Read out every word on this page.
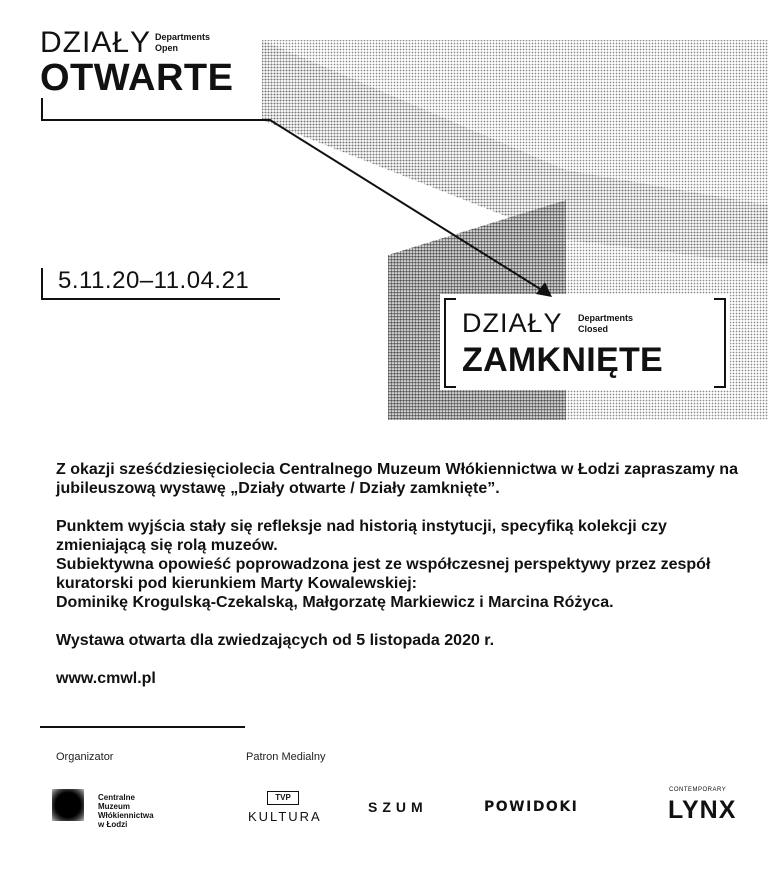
DZIAŁY Departments
Open
OTWARTE
5.11.20–11.04.21
DZIAŁY Departments
Closed
ZAMKNIĘTE

Z okazji sześćdziesięciolecia Centralnego Muzeum Włókiennictwa w Łodzi zapraszamy na jubileuszową wystawę „Działy otwarte / Działy zamknięte”.

Punktem wyjścia stały się refleksje nad historią instytucji, specyfiką kolekcji czy zmieniającą się rolą muzeów.

Subiektywna opowieść poprowadzona jest ze współczesnej perspektywy przez zespół kuratorski pod kierunkiem Marty Kowalewskiej:

Dominikę Krogulską-Czekalską, Małgorzatę Markiewicz i Marcina Różyca.

Wystawa otwarta dla zwiedzających od 5 listopada 2020 r.

www.cmwl.pl

Organizator	Patron Medialny
Centralne
Muzeum
Włókiennictwa
w Łodzi
TVP
KULTURA
SZUM	POWIDOKI
CONTEMPORARY
LYNX
